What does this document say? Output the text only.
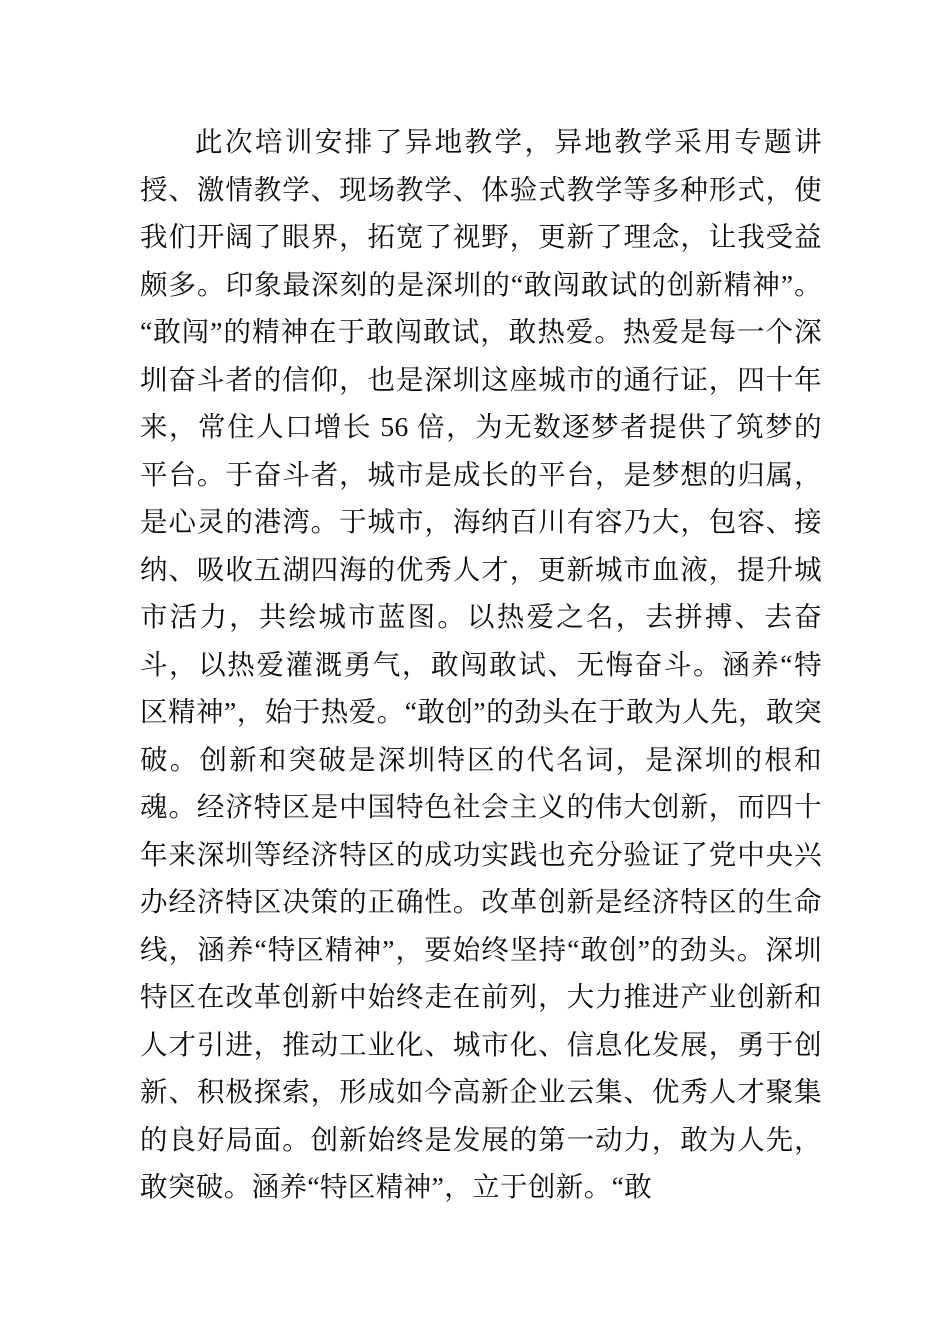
此次培训安排了异地教学，异地教学采用专题讲授、激情教学、现场教学、体验式教学等多种形式，使我们开阔了眼界，拓宽了视野，更新了理念，让我受益颇多。印象最深刻的是深圳的“敢闯敢试的创新精神”。“敢闯”的精神在于敢闯敢试，敢热爱。热爱是每一个深圳奋斗者的信仰，也是深圳这座城市的通行证，四十年来，常住人口增长 56 倍，为无数逐梦者提供了筑梦的平台。于奋斗者，城市是成长的平台，是梦想的归属，是心灵的港湾。于城市，海纳百川有容乃大，包容、接纳、吸收五湖四海的优秀人才，更新城市血液，提升城市活力，共绘城市蓝图。以热爱之名，去拼搏、去奋斗，以热爱灌溉勇气，敢闯敢试、无悔奋斗。涵养“特区精神”，始于热爱。“敢创”的劲头在于敢为人先，敢突破。创新和突破是深圳特区的代名词，是深圳的根和魂。经济特区是中国特色社会主义的伟大创新，而四十年来深圳等经济特区的成功实践也充分验证了党中央兴办经济特区决策的正确性。改革创新是经济特区的生命线，涵养“特区精神”，要始终坚持“敢创”的劲头。深圳特区在改革创新中始终走在前列，大力推进产业创新和人才引进，推动工业化、城市化、信息化发展，勇于创新、积极探索，形成如今高新企业云集、优秀人才聚集的良好局面。创新始终是发展的第一动力，敢为人先，敢突破。涵养“特区精神”，立于创新。“敢
